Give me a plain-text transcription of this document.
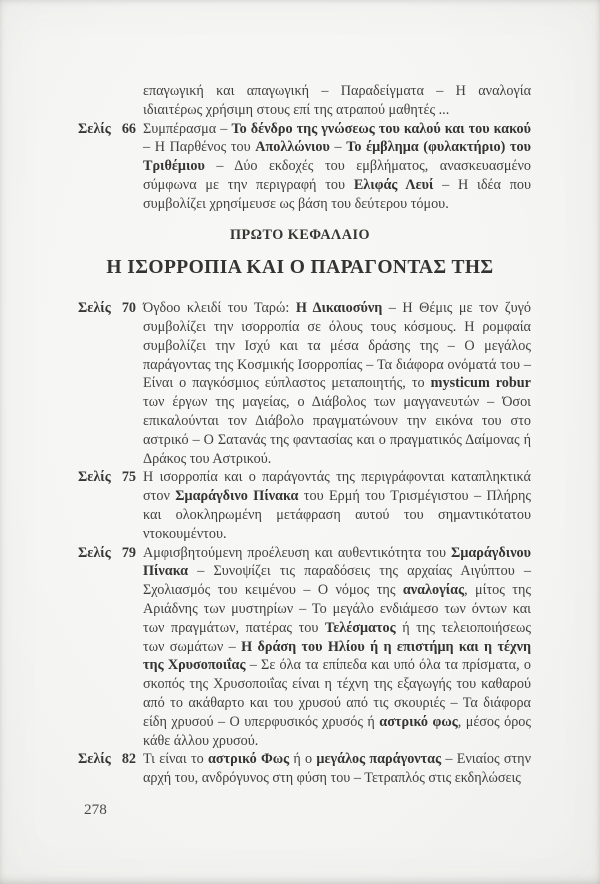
επαγωγική και απαγωγική – Παραδείγματα – Η αναλογία ιδιαιτέρως χρήσιμη στους επί της ατραπού μαθητές ...

Σελίς 66 Συμπέρασμα – Το δένδρο της γνώσεως του καλού και του κακού – Η Παρθένος του Απολλώνιου – Το έμβλημα (φυλακτήριο) του Τριθέμιου – Δύο εκδοχές του εμβλήματος, ανασκευασμένο σύμφωνα με την περιγραφή του Ελιφάς Λευί – Η ιδέα που συμβολίζει χρησίμευσε ως βάση του δεύτερου τόμου.
ΠΡΩΤΟ ΚΕΦΑΛΑΙΟ
Η ΙΣΟΡΡΟΠΙΑ ΚΑΙ Ο ΠΑΡΑΓΟΝΤΑΣ ΤΗΣ
Σελίς 70 Όγδοο κλειδί του Ταρώ: Η Δικαιοσύνη – Η Θέμις με τον ζυγό συμβολίζει την ισορροπία σε όλους τους κόσμους. Η ρομφαία συμβολίζει την Ισχύ και τα μέσα δράσης της – Ο μεγάλος παράγοντας της Κοσμικής Ισορροπίας – Τα διάφορα ονόματά του – Είναι ο παγκόσμιος εύπλαστος μεταποιητής, το mysticum robur των έργων της μαγείας, ο Διάβολος των μαγγανευτών – Όσοι επικαλούνται τον Διάβολο πραγματώνουν την εικόνα του στο αστρικό – Ο Σατανάς της φαντασίας και ο πραγματικός Δαίμονας ή Δράκος του Αστρικού.
Σελίς 75 Η ισορροπία και ο παράγοντάς της περιγράφονται καταπληκτικά στον Σμαράγδινο Πίνακα του Ερμή του Τρισμέγιστου – Πλήρης και ολοκληρωμένη μετάφραση αυτού του σημαντικότατου ντοκουμέντου.
Σελίς 79 Αμφισβητούμενη προέλευση και αυθεντικότητα του Σμαράγδινου Πίνακα – Συνοψίζει τις παραδόσεις της αρχαίας Αιγύπτου – Σχολιασμός του κειμένου – Ο νόμος της αναλογίας, μίτος της Αριάδνης των μυστηρίων – Το μεγάλο ενδιάμεσο των όντων και των πραγμάτων, πατέρας του Τελέσματος ή της τελειοποιήσεως των σωμάτων – Η δράση του Ηλίου ή η επιστήμη και η τέχνη της Χρυσοποιΐας – Σε όλα τα επίπεδα και υπό όλα τα πρίσματα, ο σκοπός της Χρυσοποιΐας είναι η τέχνη της εξαγωγής του καθαρού από το ακάθαρτο και του χρυσού από τις σκουριές – Τα διάφορα είδη χρυσού – Ο υπερφυσικός χρυσός ή αστρικό φως, μέσος όρος κάθε άλλου χρυσού.
Σελίς 82 Τι είναι το αστρικό Φως ή ο μεγάλος παράγοντας – Ενιαίος στην αρχή του, ανδρόγυνος στη φύση του – Τετραπλός στις εκδηλώσεις
278
